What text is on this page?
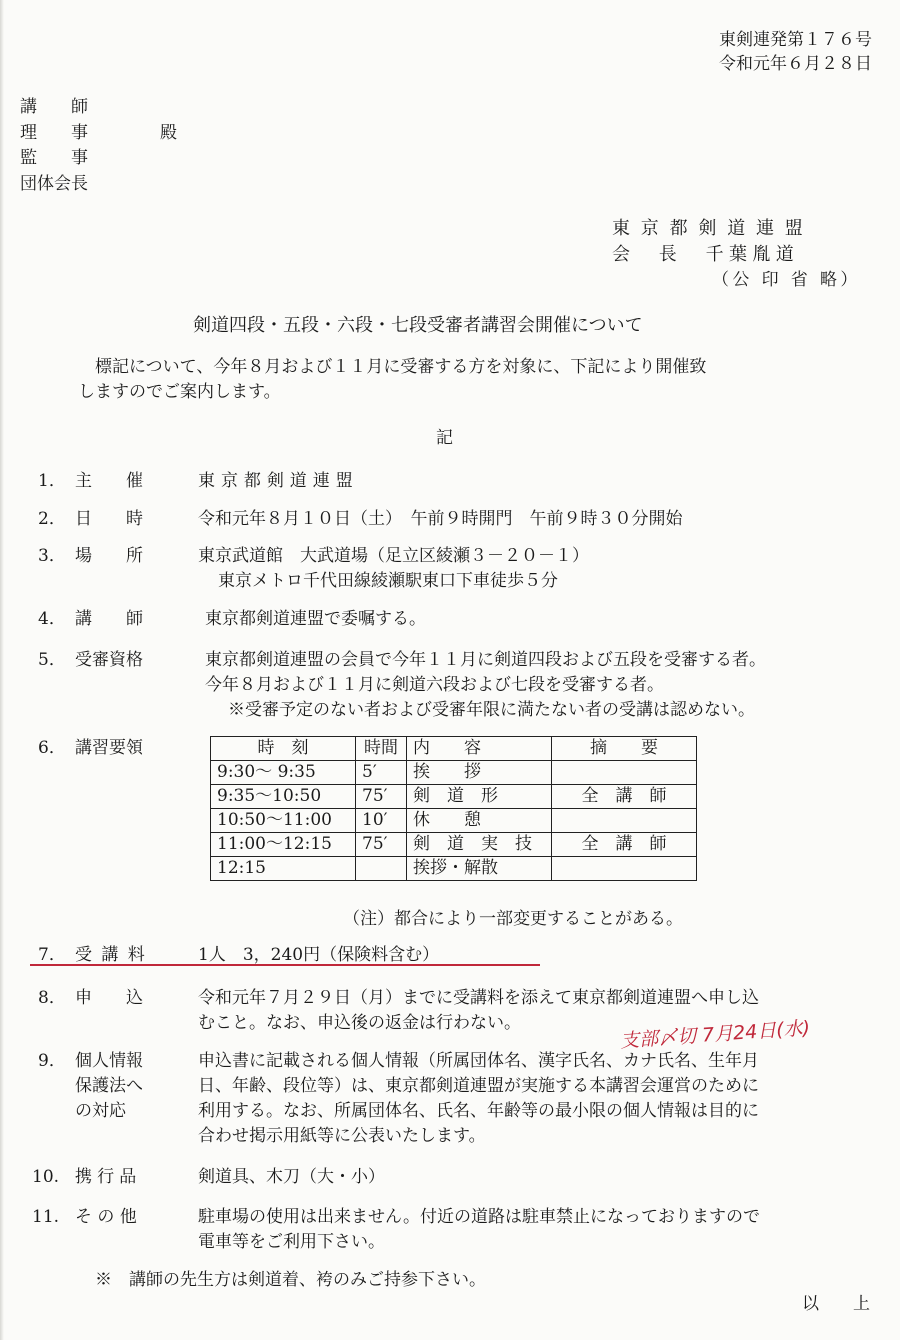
東剣連発第１７６号
令和元年６月２８日
講　　師
理　　事	殿
監　　事
団体会長
東京都剣道連盟
会　長　千葉胤道
（公 印 省 略）
剣道四段・五段・六段・七段受審者講習会開催について
標記について、今年８月および１１月に受審する方を対象に、下記により開催致
しますのでご案内します。
記
1． 主　　催	東京都剣道連盟
2． 日　　時	令和元年８月１０日（土）　午前９時開門　午前９時３０分開始
3． 場　　所	東京武道館　大武道場（足立区綾瀬３－２０－１）
東京メトロ千代田線綾瀬駅東口下車徒歩５分
4． 講　　師	東京都剣道連盟で委嘱する。
5． 受審資格	東京都剣道連盟の会員で今年１１月に剣道四段および五段を受審する者。
今年８月および１１月に剣道六段および七段を受審する者。
※受審予定のない者および受審年限に満たない者の受講は認めない。
6． 講習要領	時　刻	時間	内　　容	摘　　要
9:30～ 9:35	5′	挨　　拶	
9:35～10:50	75′	剣　道　形	全　講　師
10:50～11:00	10′	休　　憩	
11:00～12:15	75′	剣　道　実　技	全　講　師
12:15		挨拶・解散	
（注）都合により一部変更することがある。
7． 受講料	1人　3，240円（保険料含む）
8． 申　　込	令和元年７月２９日（月）までに受講料を添えて東京都剣道連盟へ申し込
むこと。なお、申込後の返金は行わない。	支部〆切 7月24日(水)
9． 個人情報
保護法へ
の対応
申込書に記載される個人情報（所属団体名、漢字氏名、カナ氏名、生年月
日、年齢、段位等）は、東京都剣道連盟が実施する本講習会運営のために
利用する。なお、所属団体名、氏名、年齢等の最小限の個人情報は目的に
合わせ掲示用紙等に公表いたします。
10. 携行品	剣道具、木刀（大・小）
11. そ の 他	駐車場の使用は出来ません。付近の道路は駐車禁止になっておりますので
電車等をご利用下さい。
※　講師の先生方は剣道着、袴のみご持参下さい。
以　　上
